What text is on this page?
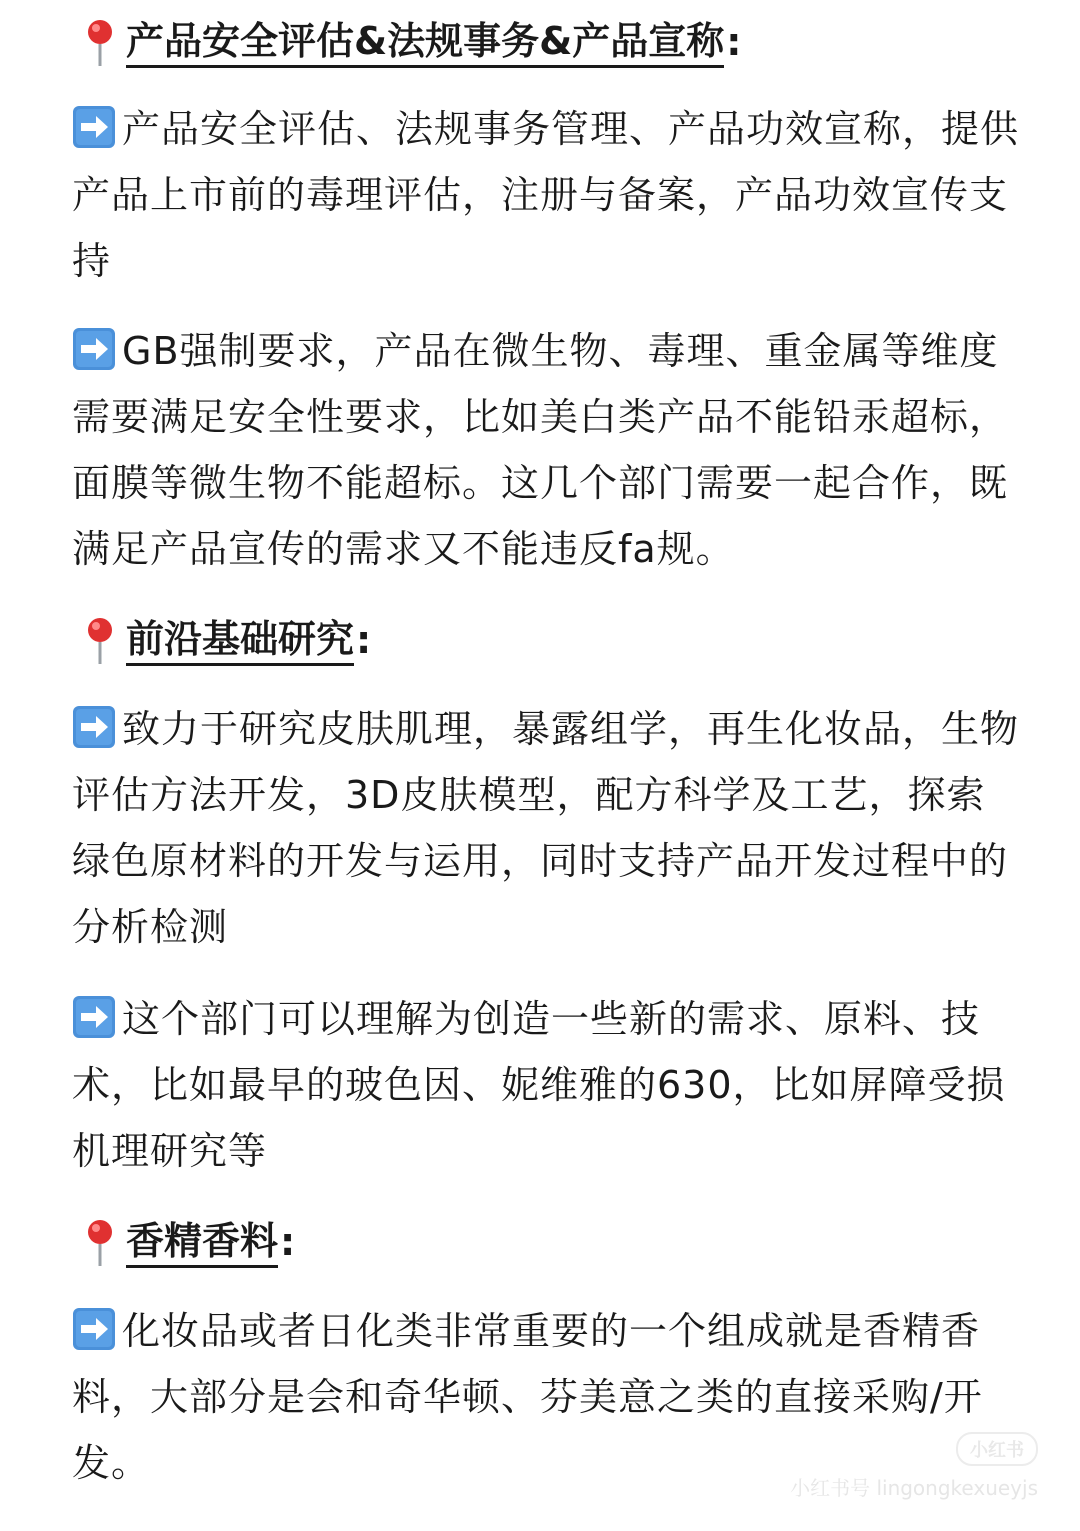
产品安全评估&法规事务&产品宣称 :
产品安全评估、法规事务管理、产品功效宣称，提供产品上市前的毒理评估，注册与备案，产品功效宣传支持
GB强制要求，产品在微生物、毒理、重金属等维度需要满足安全性要求，比如美白类产品不能铅汞超标，面膜等微生物不能超标。这几个部门需要一起合作，既满足产品宣传的需求又不能违反fa规。
前沿基础研究 :
致力于研究皮肤肌理，暴露组学，再生化妆品，生物评估方法开发，3D皮肤模型，配方科学及工艺，探索绿色原材料的开发与运用，同时支持产品开发过程中的分析检测
这个部门可以理解为创造一些新的需求、原料、技术，比如最早的玻色因、妮维雅的630，比如屏障受损机理研究等
香精香料 :
化妆品或者日化类非常重要的一个组成就是香精香料，大部分是会和奇华顿、芬美意之类的直接采购/开发。	小红书
小红书号 lingongkexueyjs
